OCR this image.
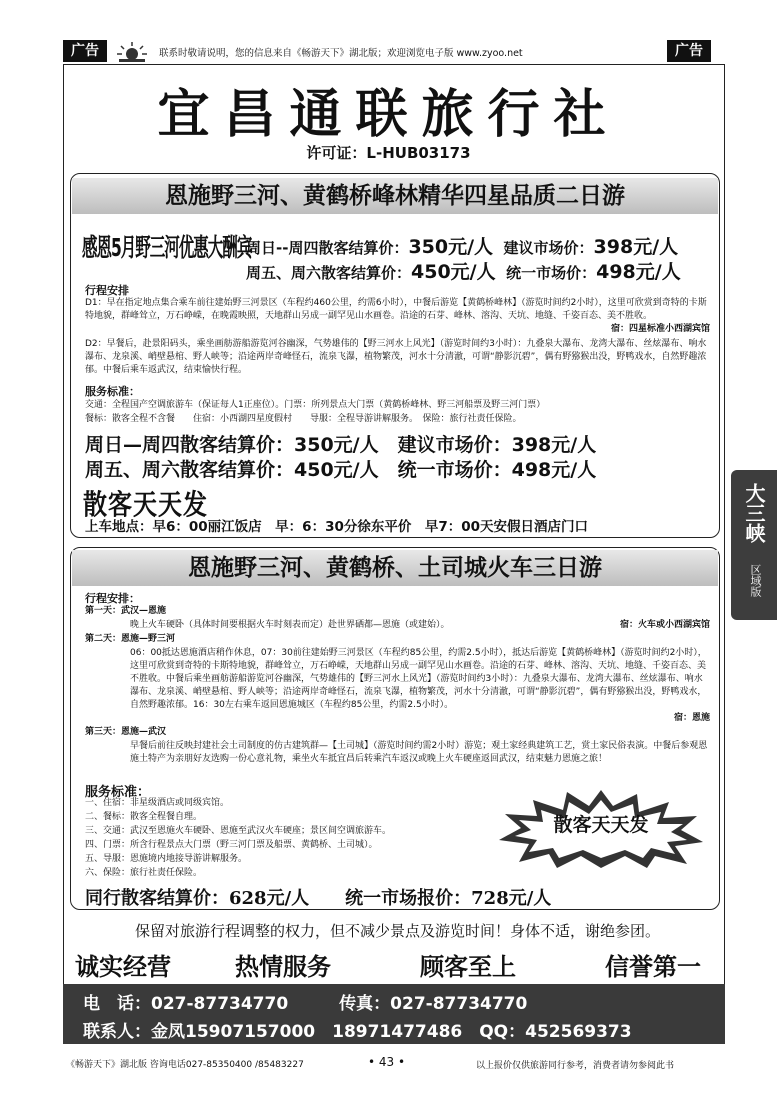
广告	联系时敬请说明，您的信息来自《畅游天下》湖北版；欢迎浏览电子版 www.zyoo.net	广告
宜昌通联旅行社
许可证：L-HUB03173
恩施野三河、黄鹤桥峰林精华四星品质二日游
感恩5月野三河优惠大酬宾
周日--周四散客结算价：350元/人 建议市场价：398元/人
周五、周六散客结算价：450元/人 统一市场价：498元/人
行程安排
D1：早在指定地点集合乘车前往建始野三河景区（车程约460公里，约需6小时），中餐后游览【黄鹤桥峰林】（游览时间约2小时），这里可欣赏到奇特的卡斯特地貌，群峰耸立，万石峥嵘，在晚霞映照，天地群山另成一副罕见山水画卷。沿途的石芽、峰林、溶沟、天坑、地缝、千姿百态、美不胜收。
宿：四星标准小西湖宾馆
D2：早餐后，赴景阳码头，乘坐画舫游船游览河谷幽深，气势雄伟的【野三河水上风光】（游览时间约3小时）：九叠泉大瀑布、龙湾大瀑布、丝炫瀑布、响水瀑布、龙泉溪、峭壁悬棺、野人峡等；沿途两岸奇峰怪石，流泉飞瀑，植物繁茂，河水十分清澈，可谓“静影沉碧”，偶有野猕猴出没，野鸭戏水，自然野趣浓郁。中餐后乘车返武汉，结束愉快行程。
服务标准：
交通：全程国产空调旅游车（保证每人1正座位）。门票：所列景点大门票（黄鹤桥峰林、野三河船票及野三河门票）
餐标：散客全程不含餐　　住宿：小西湖四星度假村　　导服：全程导游讲解服务。　保险：旅行社责任保险。
周日—周四散客结算价：350元/人　建议市场价：398元/人
周五、周六散客结算价：450元/人　统一市场价：498元/人
散客天天发
上车地点：早6：00丽江饭店　早：6：30分徐东平价　早7：00天安假日酒店门口
恩施野三河、黄鹤桥、土司城火车三日游
行程安排：
第一天：武汉—恩施
晚上火车硬卧（具体时间要根据火车时刻表而定）赴世界硒都—恩施（或建始）。	宿：火车或小西湖宾馆
第二天：恩施—野三河
06：00抵达恩施酒店稍作休息，07：30前往建始野三河景区（车程约85公里，约需2.5小时），抵达后游览【黄鹤桥峰林】（游览时间约2小时），这里可欣赏到奇特的卡斯特地貌，群峰耸立，万石峥嵘，天地群山另成一副罕见山水画卷。沿途的石芽、峰林、溶沟、天坑、地缝、千姿百态、美不胜收。中餐后乘坐画舫游船游览河谷幽深，气势雄伟的【野三河水上风光】（游览时间约3小时）：九叠泉大瀑布、龙湾大瀑布、丝炫瀑布、响水瀑布、龙泉溪、峭壁悬棺、野人峡等；沿途两岸奇峰怪石，流泉飞瀑，植物繁茂，河水十分清澈，可谓“静影沉碧”，偶有野猕猴出没，野鸭戏水，自然野趣浓郁。16：30左右乘车返回恩施城区（车程约85公里，约需2.5小时）。
宿：恩施
第三天：恩施—武汉
早餐后前往反映封建社会土司制度的仿古建筑群—【土司城】（游览时间约需2小时）游览；观土家经典建筑工艺，赏土家民俗表演。中餐后参观恩施土特产为亲朋好友选购一份心意礼物，乘坐火车抵宜昌后转乘汽车返汉或晚上火车硬座返回武汉，结束魅力恩施之旅！
服务标准：
一、住宿：非星级酒店或同级宾馆。
二、餐标：散客全程餐自理。
三、交通：武汉至恩施火车硬卧、恩施至武汉火车硬座；景区间空调旅游车。
四、门票：所含行程景点大门票（野三河门票及船票、黄鹤桥、土司城）。
五、导服：恩施境内地接导游讲解服务。
六、保险：旅行社责任保险。
散客天天发
同行散客结算价：628元/人　　统一市场报价：728元/人
保留对旅游行程调整的权力，但不减少景点及游览时间！身体不适，谢绝参团。
诚实经营	热情服务	顾客至上	信誉第一
电　话：027-87734770　　　传真：027-87734770
联系人：金凤15907157000　18971477486　QQ：452569373
《畅游天下》湖北版 咨询电话027-85350400 /85483227	• 43 •	以上报价仅供旅游同行参考，消费者请勿参阅此书
大三峡
区域版
